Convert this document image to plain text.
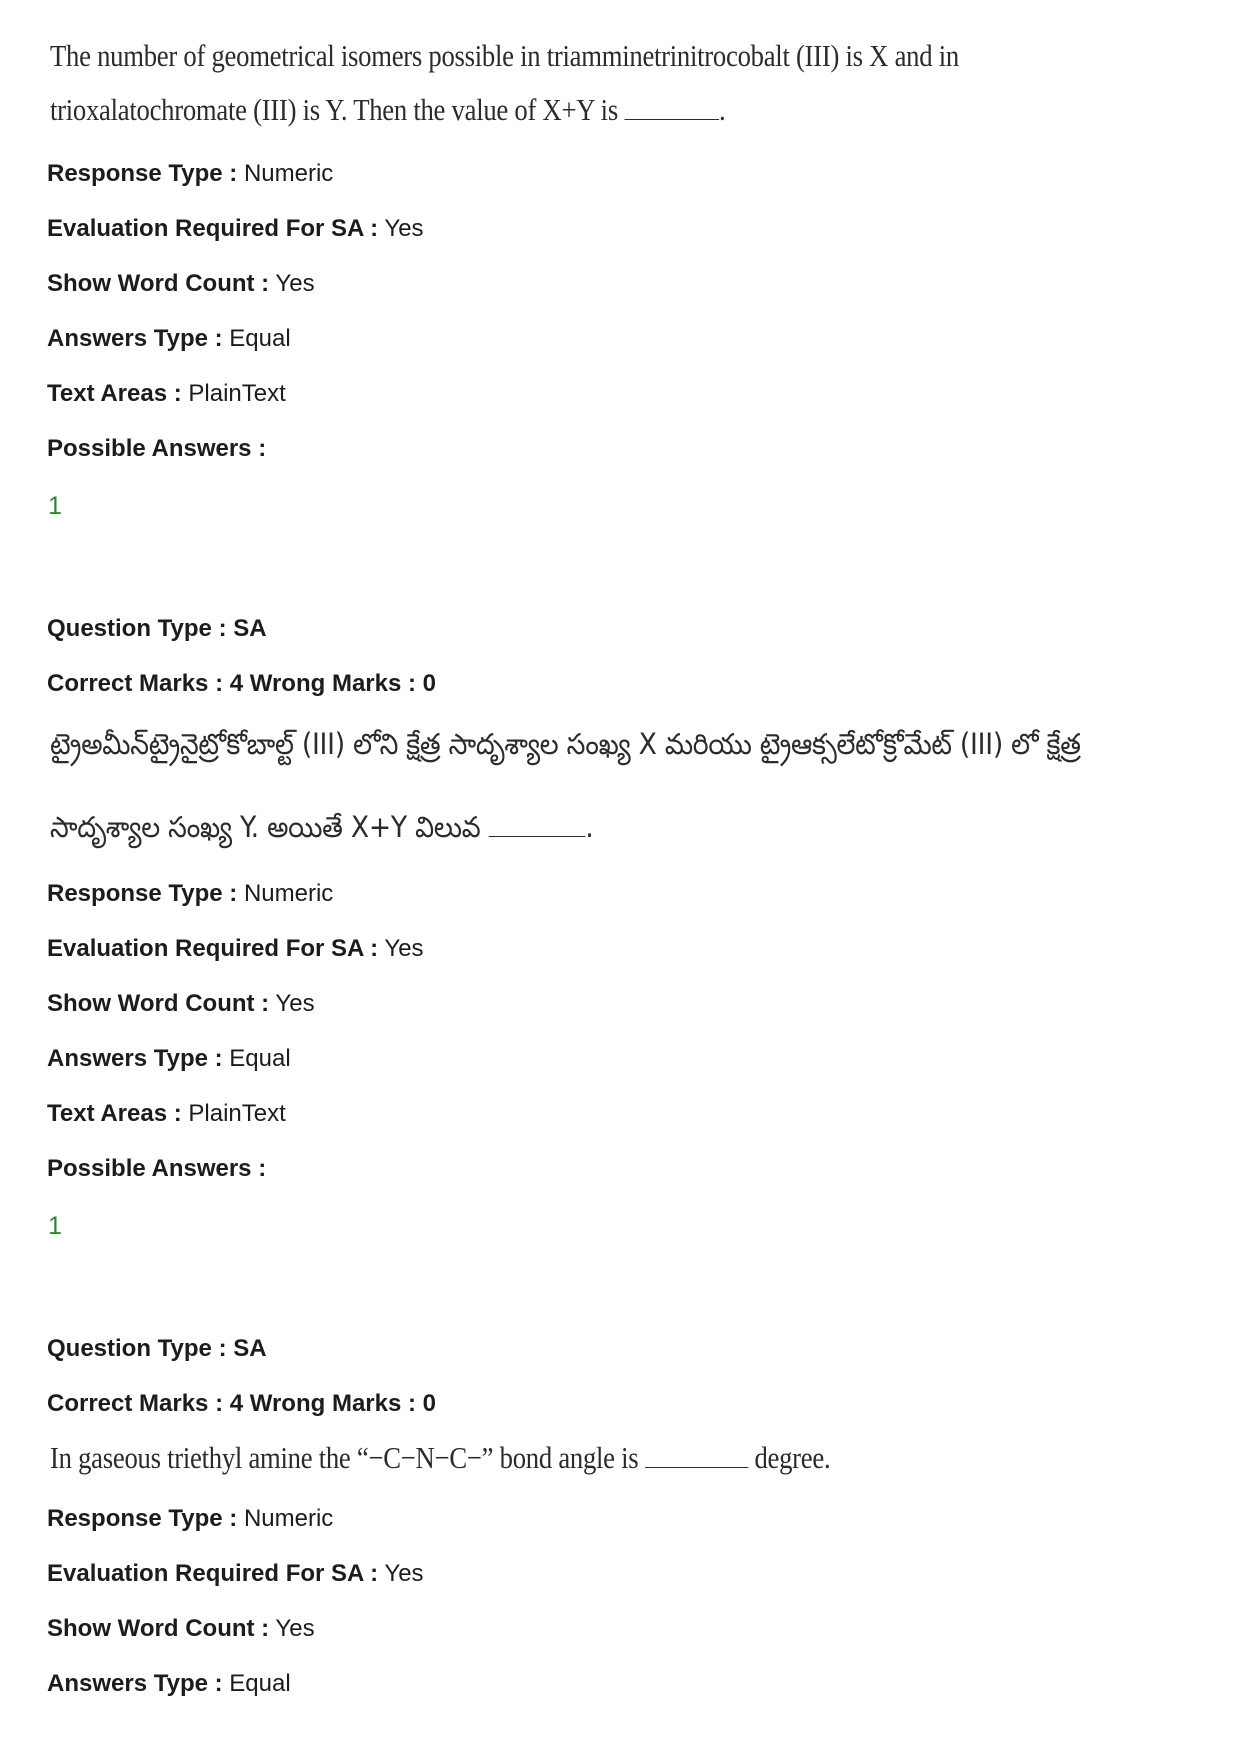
The number of geometrical isomers possible in triamminetrinitrocobalt (III) is X and in
trioxalatochromate (III) is Y. Then the value of X+Y is	.
Response Type : Numeric
Evaluation Required For SA : Yes
Show Word Count : Yes
Answers Type : Equal
Text Areas : PlainText
Possible Answers :
1
Question Type : SA
Correct Marks : 4 Wrong Marks : 0
ట్రైఅమీన్‌ట్రైనైట్రోకోబాల్ట్ (III) లోని క్షేత్ర సాదృశ్యాల సంఖ్య X మరియు ట్రైఆక్సలేటోక్రోమేట్ (III) లో క్షేత్ర
సాదృశ్యాల సంఖ్య Y. అయితే X+Y విలువ	.
Response Type : Numeric
Evaluation Required For SA : Yes
Show Word Count : Yes
Answers Type : Equal
Text Areas : PlainText
Possible Answers :
1
Question Type : SA
Correct Marks : 4 Wrong Marks : 0
In gaseous triethyl amine the “−C−N−C−” bond angle is	degree.
Response Type : Numeric
Evaluation Required For SA : Yes
Show Word Count : Yes
Answers Type : Equal
